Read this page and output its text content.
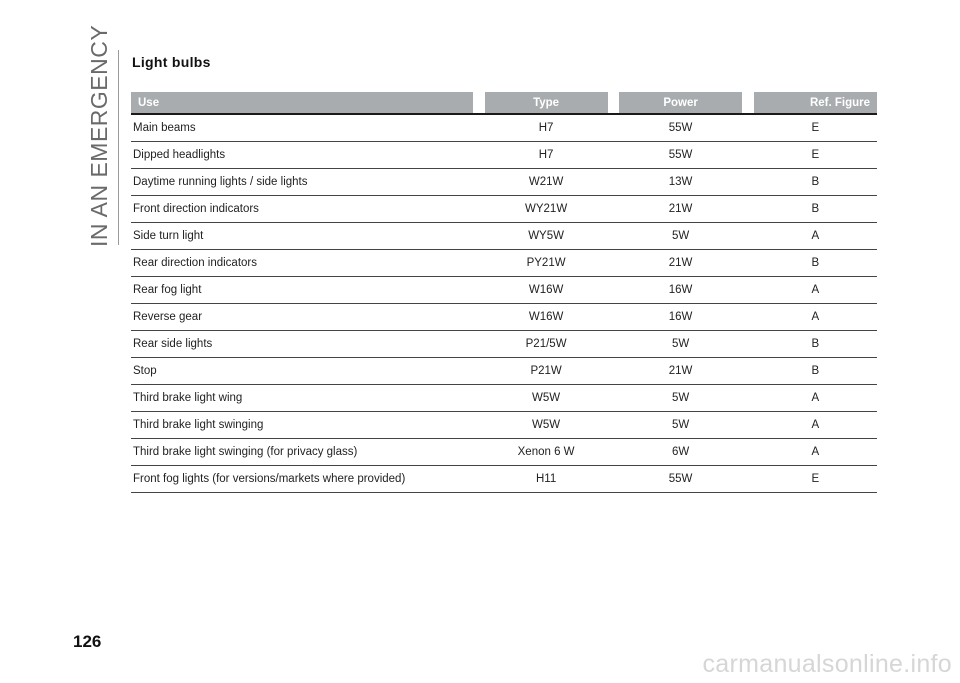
IN AN EMERGENCY Light bulbs
Use		Type		Power		Ref. Figure
Main beams		H7		55W		E
Dipped headlights		H7		55W		E
Daytime running lights / side lights		W21W		13W		B
Front direction indicators		WY21W		21W		B
Side turn light		WY5W		5W		A
Rear direction indicators		PY21W		21W		B
Rear fog light		W16W		16W		A
Reverse gear		W16W		16W		A
Rear side lights		P21/5W		5W		B
Stop		P21W		21W		B
Third brake light wing		W5W		5W		A
Third brake light swinging		W5W		5W		A
Third brake light swinging (for privacy glass)		Xenon 6 W		6W		A
Front fog lights (for versions/markets where provided)		H11		55W		E
126
carmanualsonline.info
